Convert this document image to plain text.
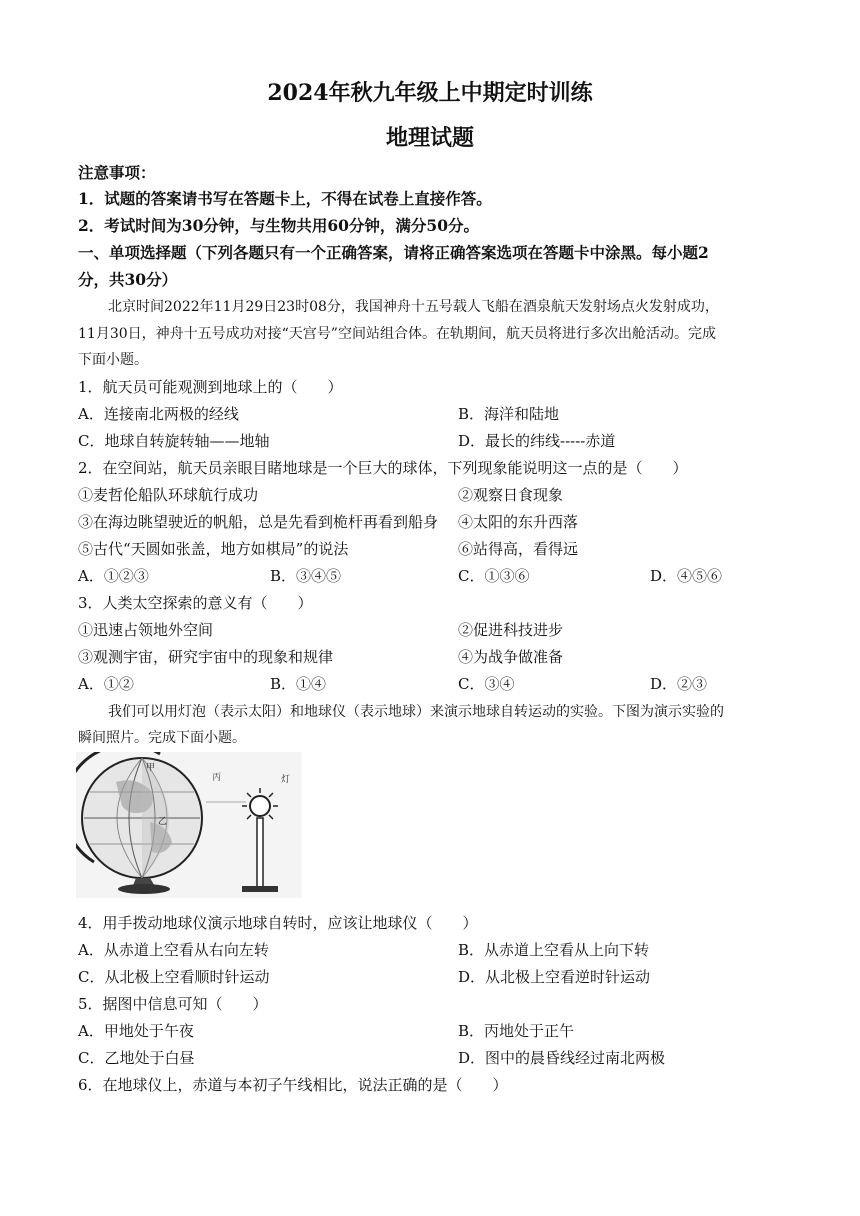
2024年秋九年级上中期定时训练
地理试题
注意事项：
1．试题的答案请书写在答题卡上，不得在试卷上直接作答。
2．考试时间为30分钟，与生物共用60分钟，满分50分。
一、单项选择题（下列各题只有一个正确答案，请将正确答案选项在答题卡中涂黑。每小题2
分，共30分）
北京时间2022年11月29日23时08分，我国神舟十五号载人飞船在酒泉航天发射场点火发射成功，
11月30日，神舟十五号成功对接“天宫号”空间站组合体。在轨期间，航天员将进行多次出舱活动。完成
下面小题。
1．航天员可能观测到地球上的（　　）
A．连接南北两极的经线	B．海洋和陆地
C．地球自转旋转轴——地轴	D．最长的纬线-----赤道
2．在空间站，航天员亲眼目睹地球是一个巨大的球体，下列现象能说明这一点的是（　　）
①麦哲伦船队环球航行成功	②观察日食现象
③在海边眺望驶近的帆船，总是先看到桅杆再看到船身 ④太阳的东升西落
⑤古代“天圆如张盖，地方如棋局”的说法	⑥站得高，看得远
A．①②③	B．③④⑤	C．①③⑥	D．④⑤⑥
3．人类太空探索的意义有（　　）
①迅速占领地外空间	②促进科技进步
③观测宇宙，研究宇宙中的现象和规律	④为战争做准备
A．①②	B．①④	C．③④	D．②③
我们可以用灯泡（表示太阳）和地球仪（表示地球）来演示地球自转运动的实验。下图为演示实验的
瞬间照片。完成下面小题。
甲
乙
丙	灯
4．用手拨动地球仪演示地球自转时，应该让地球仪（　　）
A．从赤道上空看从右向左转	B．从赤道上空看从上向下转
C．从北极上空看顺时针运动	D．从北极上空看逆时针运动
5．据图中信息可知（　　）
A．甲地处于午夜	B．丙地处于正午
C．乙地处于白昼	D．图中的晨昏线经过南北两极
6．在地球仪上，赤道与本初子午线相比，说法正确的是（　　）
